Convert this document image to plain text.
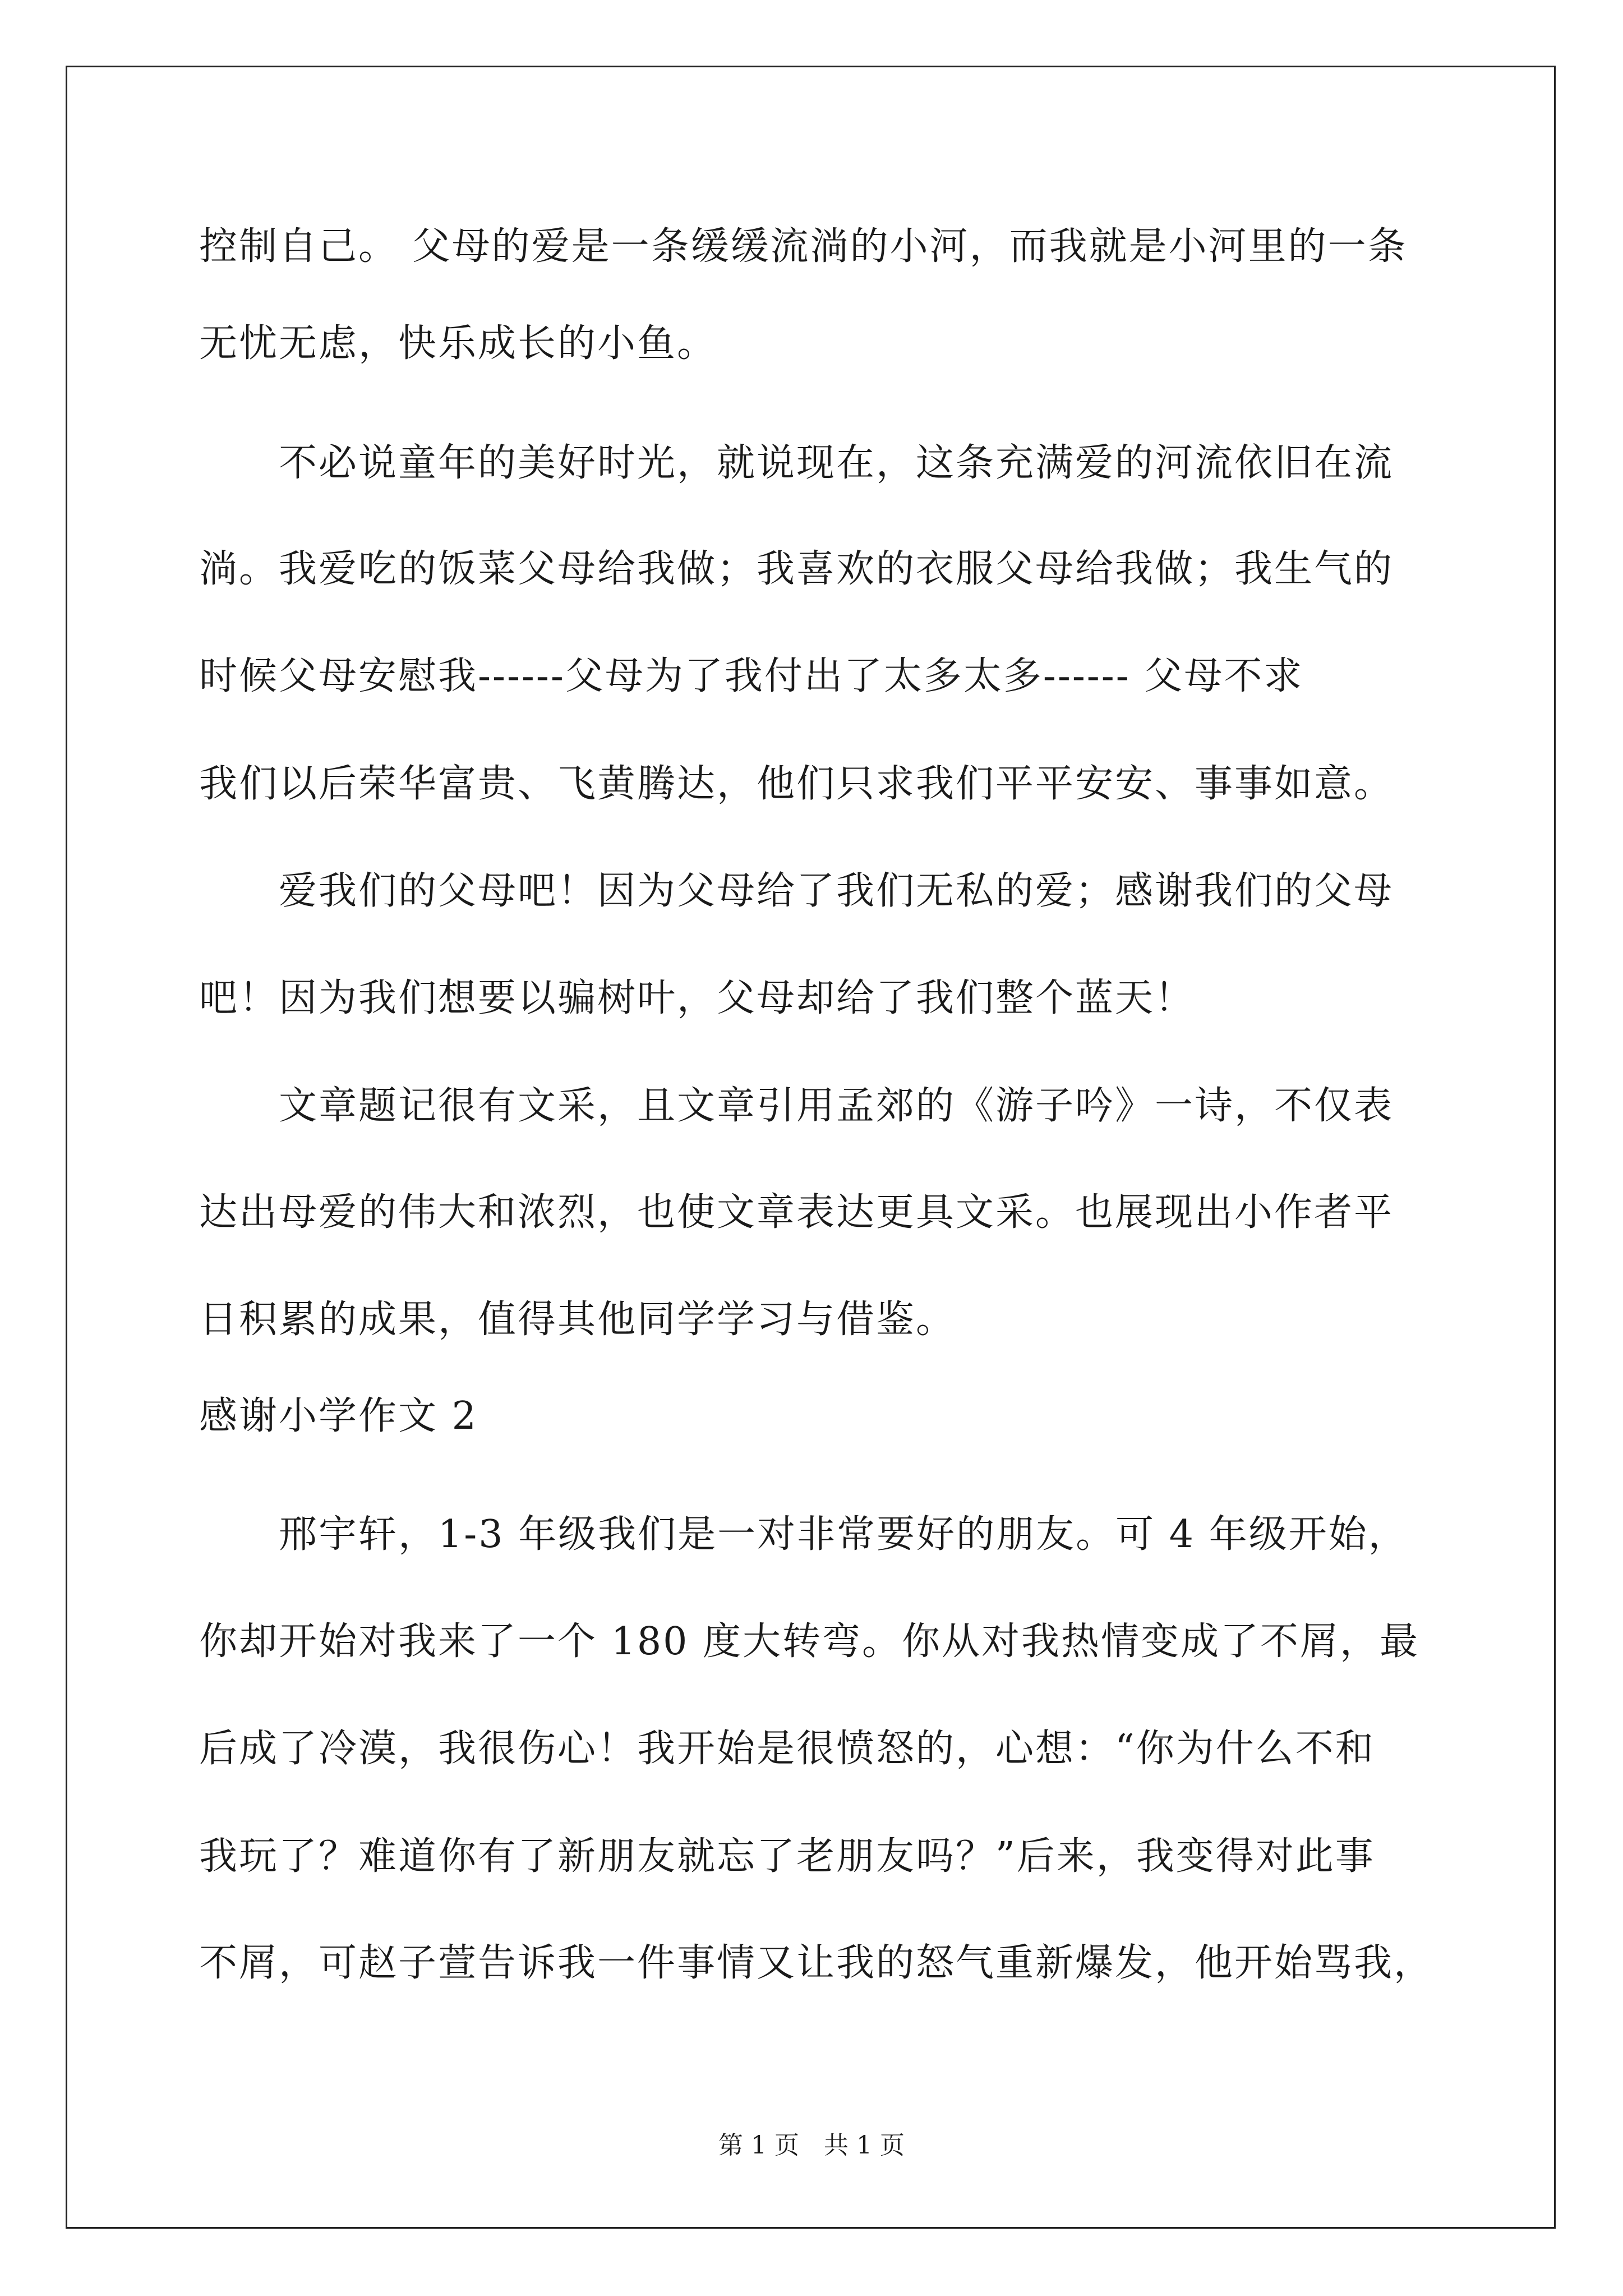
控制自己。 父母的爱是一条缓缓流淌的小河，而我就是小河里的一条
无忧无虑，快乐成长的小鱼。
　　不必说童年的美好时光，就说现在，这条充满爱的河流依旧在流
淌。我爱吃的饭菜父母给我做；我喜欢的衣服父母给我做；我生气的
时候父母安慰我------父母为了我付出了太多太多------ 父母不求
我们以后荣华富贵、飞黄腾达，他们只求我们平平安安、事事如意。
　　爱我们的父母吧！因为父母给了我们无私的爱；感谢我们的父母
吧！因为我们想要以骗树叶，父母却给了我们整个蓝天！
　　文章题记很有文采，且文章引用孟郊的《游子吟》一诗，不仅表
达出母爱的伟大和浓烈，也使文章表达更具文采。也展现出小作者平
日积累的成果，值得其他同学学习与借鉴。
感谢小学作文 2
　　邢宇轩，1-3 年级我们是一对非常要好的朋友。可 4 年级开始，
你却开始对我来了一个 180 度大转弯。你从对我热情变成了不屑，最
后成了冷漠，我很伤心！我开始是很愤怒的，心想：“你为什么不和
我玩了？难道你有了新朋友就忘了老朋友吗？”后来，我变得对此事
不屑，可赵子萱告诉我一件事情又让我的怒气重新爆发，他开始骂我，
第 1 页　共 1 页
